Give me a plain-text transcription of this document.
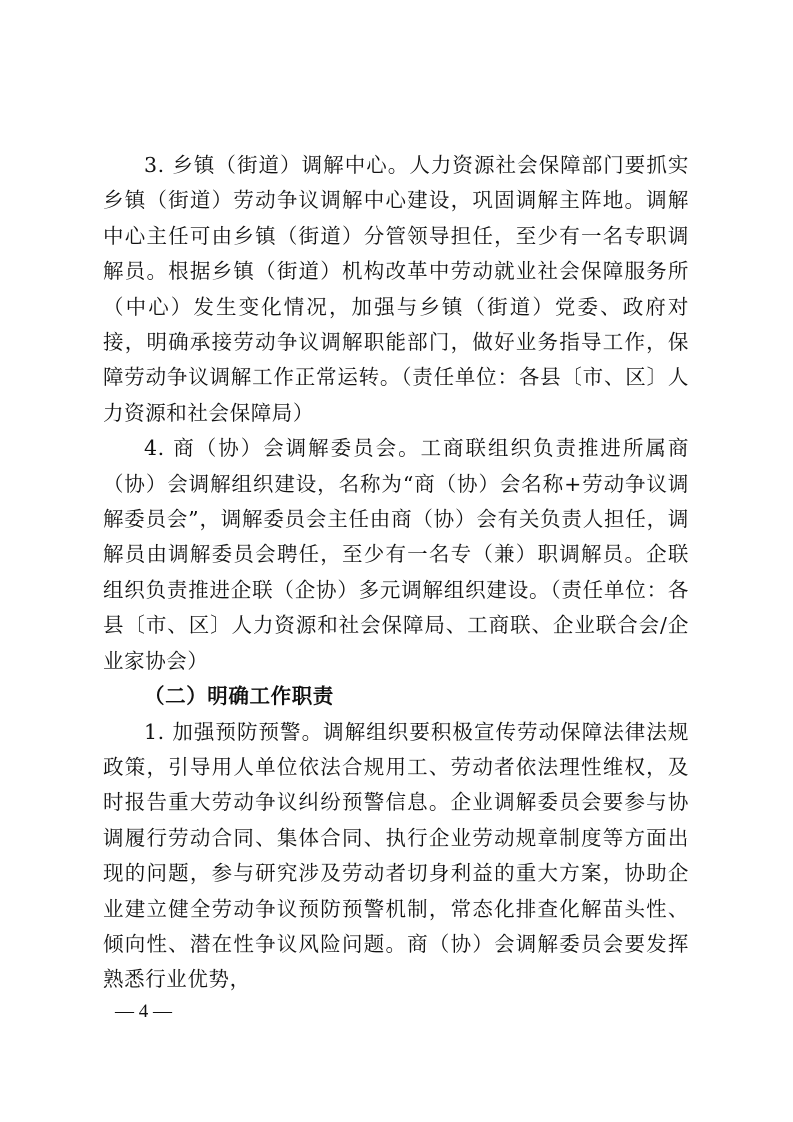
3. 乡镇（街道）调解中心。人力资源社会保障部门要抓实乡镇（街道）劳动争议调解中心建设，巩固调解主阵地。调解中心主任可由乡镇（街道）分管领导担任，至少有一名专职调解员。根据乡镇（街道）机构改革中劳动就业社会保障服务所（中心）发生变化情况，加强与乡镇（街道）党委、政府对接，明确承接劳动争议调解职能部门，做好业务指导工作，保障劳动争议调解工作正常运转。（责任单位：各县〔市、区〕人力资源和社会保障局）

4. 商（协）会调解委员会。工商联组织负责推进所属商（协）会调解组织建设，名称为“商（协）会名称+劳动争议调解委员会”，调解委员会主任由商（协）会有关负责人担任，调解员由调解委员会聘任，至少有一名专（兼）职调解员。企联组织负责推进企联（企协）多元调解组织建设。（责任单位：各县〔市、区〕人力资源和社会保障局、工商联、企业联合会/企业家协会）

（二）明确工作职责

1. 加强预防预警。调解组织要积极宣传劳动保障法律法规政策，引导用人单位依法合规用工、劳动者依法理性维权，及时报告重大劳动争议纠纷预警信息。企业调解委员会要参与协调履行劳动合同、集体合同、执行企业劳动规章制度等方面出现的问题，参与研究涉及劳动者切身利益的重大方案，协助企业建立健全劳动争议预防预警机制，常态化排查化解苗头性、倾向性、潜在性争议风险问题。商（协）会调解委员会要发挥熟悉行业优势，

— 4 —
